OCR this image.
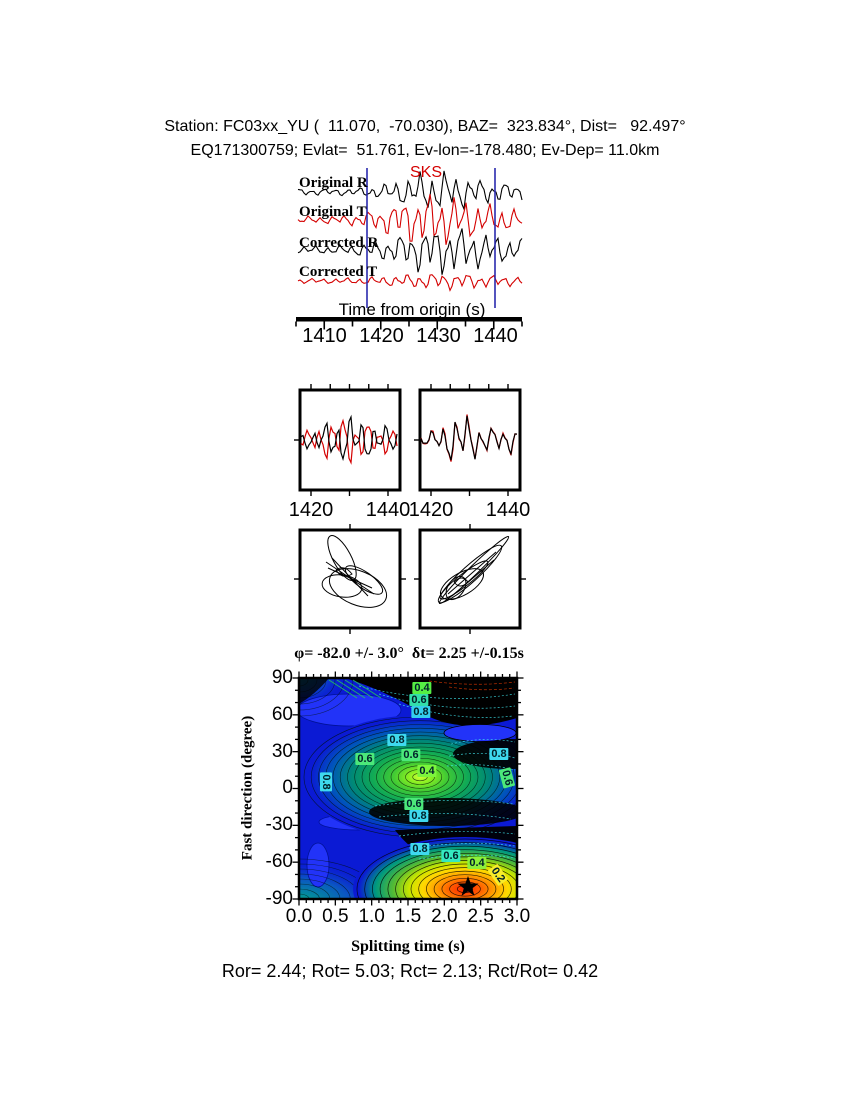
Station: FC03xx_YU (  11.070,  -70.030), BAZ=  323.834°, Dist=   92.497°
EQ171300759; Evlat=  51.761, Ev-lon=-178.480; Ev-Dep= 11.0km
SKS
Time from origin (s)
φ= -82.0 +/- 3.0°  δt= 2.25 +/-0.15s
Fast direction (degree)
0.4
0.6
0.8
0.8
0.6
0.6	0.8
0.4
0.6
0.8
0.8	0.6
0.8
0.6
0.4
0.2
Splitting time (s)
Ror= 2.44; Rot= 5.03; Rct= 2.13; Rct/Rot= 0.42
Original R
Original T
Corrected R
Corrected T
1410 1420 1430 1440
1420 1440
1420 1440
90
60
30
0
-30
-60
-90
0.0 0.5 1.0 1.5 2.0 2.5 3.0
